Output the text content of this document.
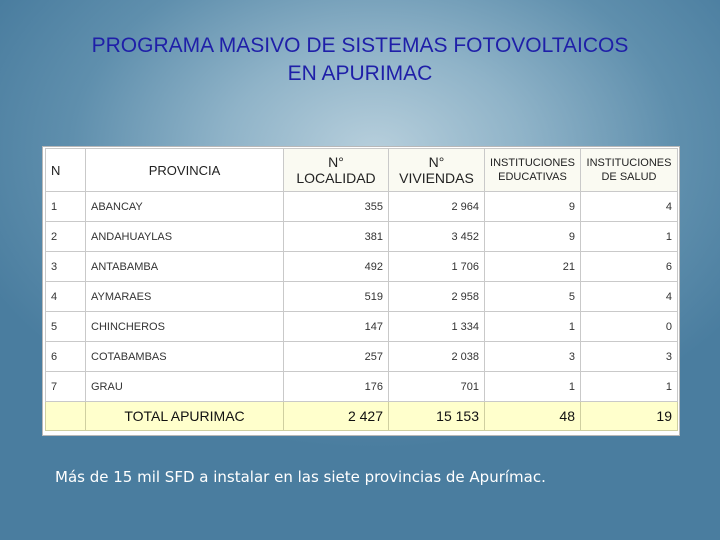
PROGRAMA MASIVO DE SISTEMAS FOTOVOLTAICOS
EN APURIMAC
N	PROVINCIA	N° LOCALIDAD	N° VIVIENDAS	INSTITUCIONES EDUCATIVAS	INSTITUCIONES DE SALUD
1	ABANCAY	355	2 964	9	4
2	ANDAHUAYLAS	381	3 452	9	1
3	ANTABAMBA	492	1 706	21	6
4	AYMARAES	519	2 958	5	4
5	CHINCHEROS	147	1 334	1	0
6	COTABAMBAS	257	2 038	3	3
7	GRAU	176	701	1	1
	TOTAL APURIMAC	2 427	15 153	48	19
Más de 15 mil SFD a instalar en las siete provincias de Apurímac.
